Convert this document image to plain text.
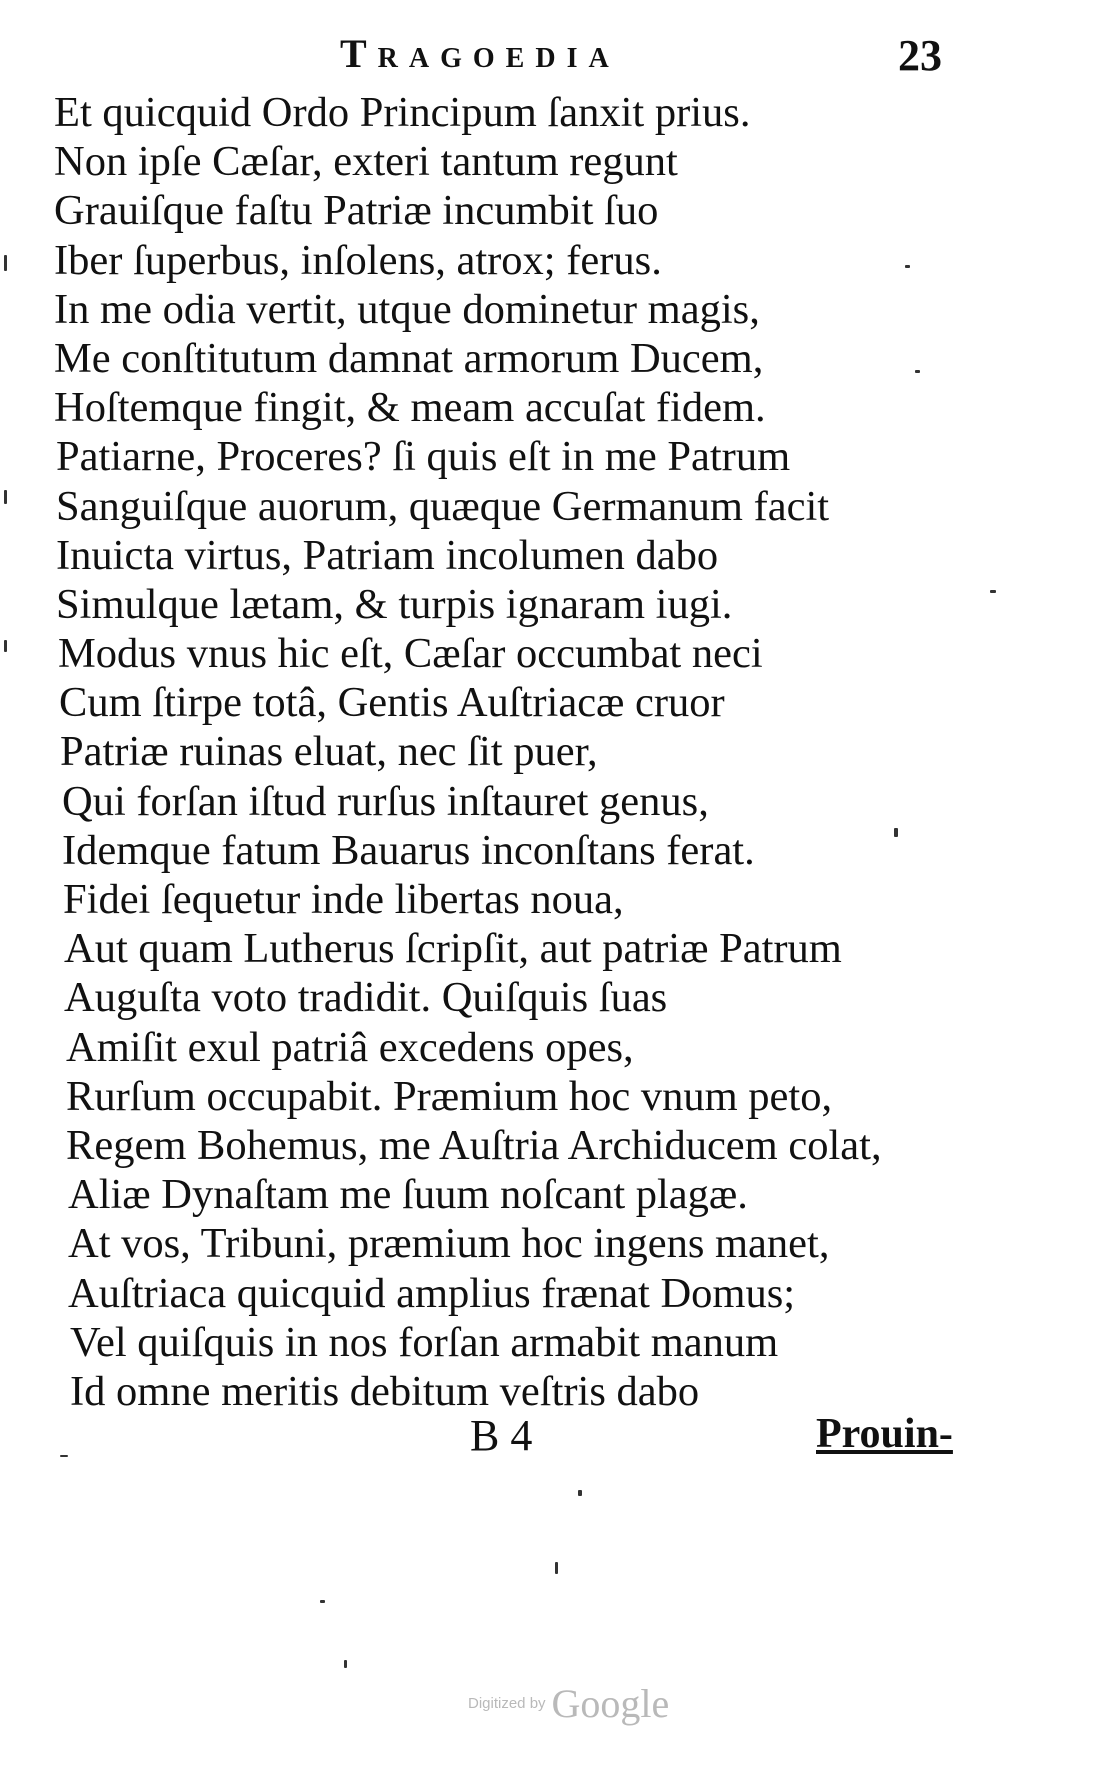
Tragoedia	23
Et quicquid Ordo Principum ſanxit prius.
Non ipſe Cæſar, exteri tantum regunt
Grauiſque faſtu Patriæ incumbit ſuo
Iber ſuperbus, inſolens, atrox; ferus.
In me odia vertit, utque dominetur magis,
Me conſtitutum damnat armorum Ducem,
Hoſtemque fingit, & meam accuſat fidem.
Patiarne, Proceres? ſi quis eſt in me Patrum
Sanguiſque auorum, quæque Germanum facit
Inuicta virtus, Patriam incolumen dabo
Simulque lætam, & turpis ignaram iugi.
Modus vnus hic eſt, Cæſar occumbat neci
Cum ſtirpe totâ, Gentis Auſtriacæ cruor
Patriæ ruinas eluat, nec ſit puer,
Qui forſan iſtud rurſus inſtauret genus,
Idemque fatum Bauarus inconſtans ferat.
Fidei ſequetur inde libertas noua,
Aut quam Lutherus ſcripſit, aut patriæ Patrum
Auguſta voto tradidit. Quiſquis ſuas
Amiſit exul patriâ excedens opes,
Rurſum occupabit. Præmium hoc vnum peto,
Regem Bohemus, me Auſtria Archiducem colat,
Aliæ Dynaſtam me ſuum noſcant plagæ.
At vos, Tribuni, præmium hoc ingens manet,
Auſtriaca quicquid amplius frænat Domus;
Vel quiſquis in nos forſan armabit manum
Id omne meritis debitum veſtris dabo
B 4	Prouin-
Digitized by Google
